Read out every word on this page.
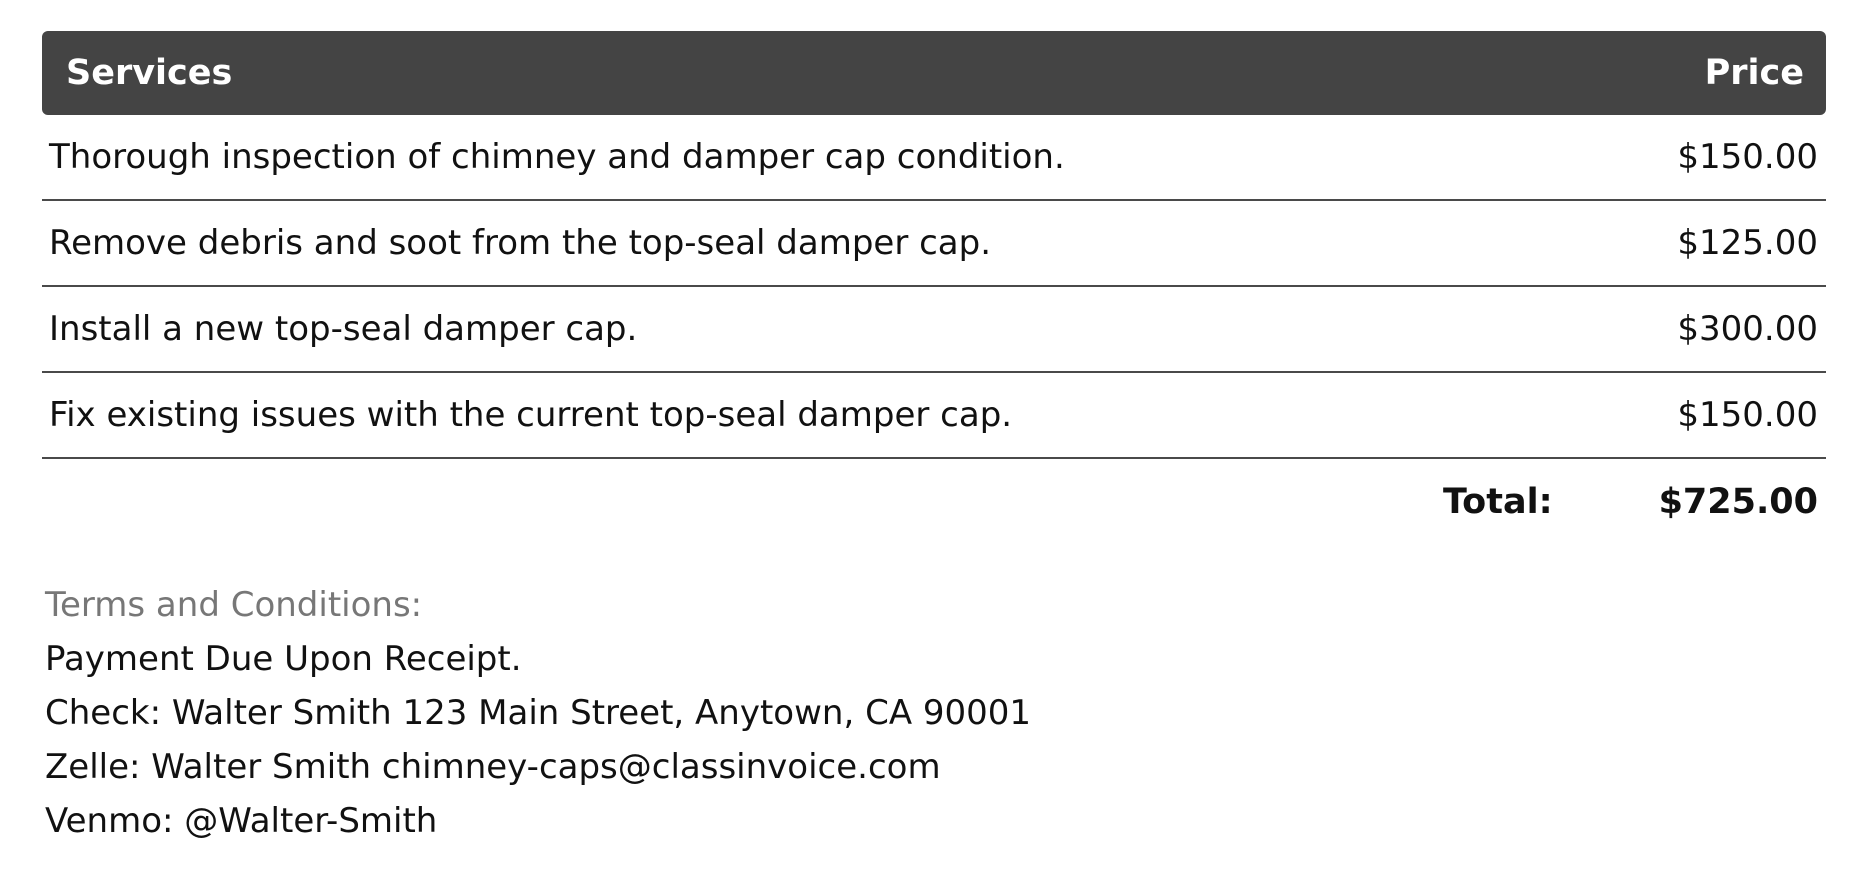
Services	Price
Thorough inspection of chimney and damper cap condition.	$150.00
Remove debris and soot from the top-seal damper cap.	$125.00
Install a new top-seal damper cap.	$300.00
Fix existing issues with the current top-seal damper cap.	$150.00
Total:	$725.00
Terms and Conditions:
Payment Due Upon Receipt.
Check: Walter Smith 123 Main Street, Anytown, CA 90001
Zelle: Walter Smith chimney-caps@classinvoice.com
Venmo: @Walter-Smith
